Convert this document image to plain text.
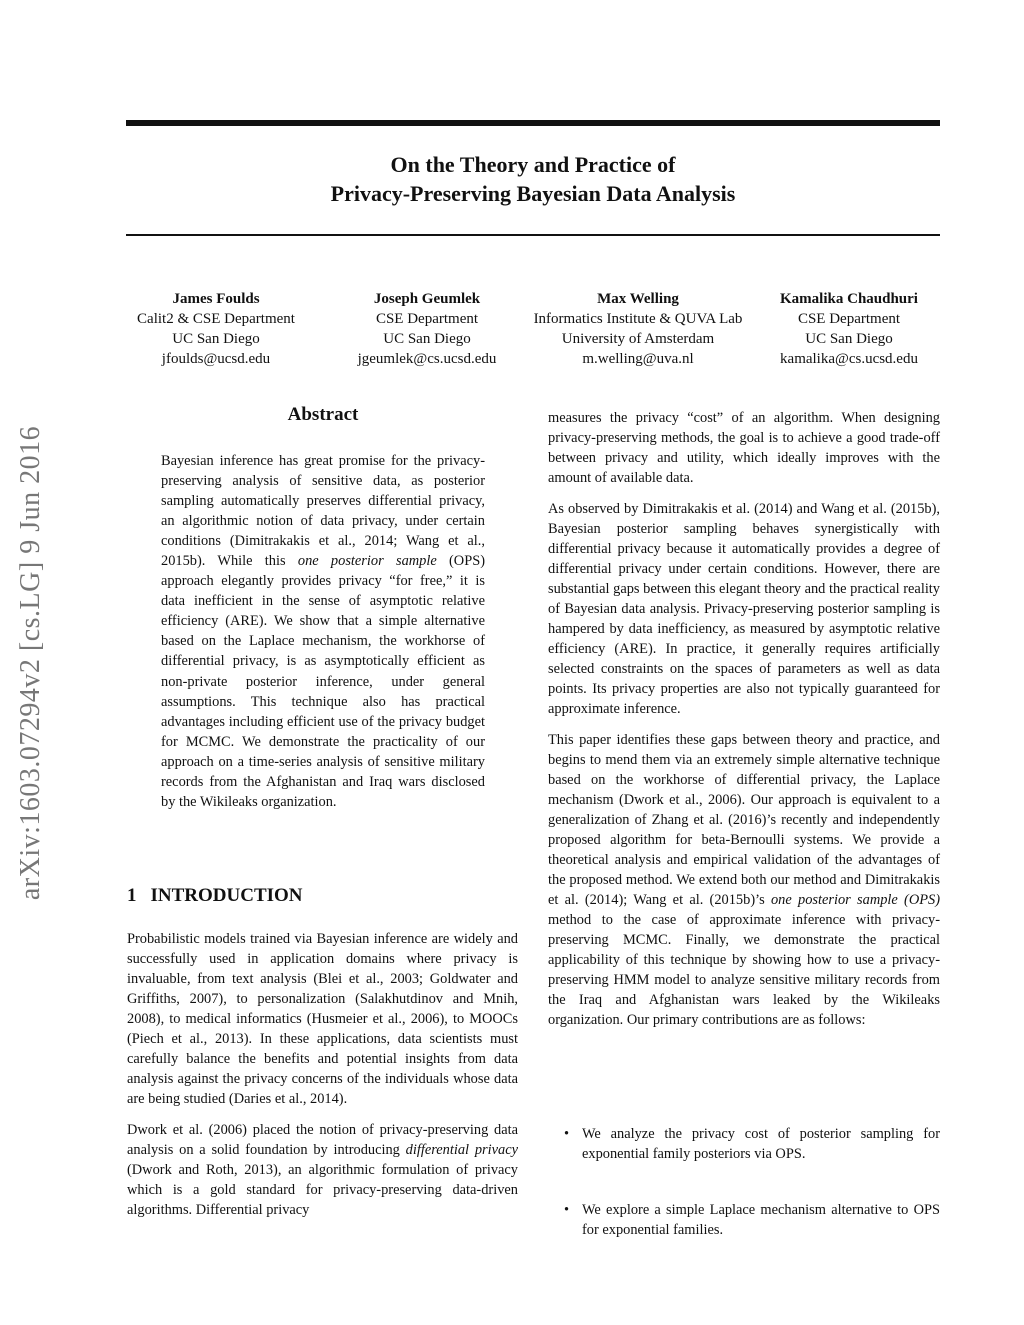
On the Theory and Practice of
Privacy-Preserving Bayesian Data Analysis
James Foulds
Calit2 & CSE Department
UC San Diego
jfoulds@ucsd.edu
Joseph Geumlek
CSE Department
UC San Diego
jgeumlek@cs.ucsd.edu
Max Welling
Informatics Institute & QUVA Lab
University of Amsterdam
m.welling@uva.nl
Kamalika Chaudhuri
CSE Department
UC San Diego
kamalika@cs.ucsd.edu
arXiv:1603.07294v2 [cs.LG] 9 Jun 2016
Abstract
Bayesian inference has great promise for the privacy-preserving analysis of sensitive data, as posterior sampling automatically preserves differential privacy, an algorithmic notion of data privacy, under certain conditions (Dimitrakakis et al., 2014; Wang et al., 2015b). While this one posterior sample (OPS) approach elegantly provides privacy “for free,” it is data inefficient in the sense of asymptotic relative efficiency (ARE). We show that a simple alternative based on the Laplace mechanism, the workhorse of differential privacy, is as asymptotically efficient as non-private posterior inference, under general assumptions. This technique also has practical advantages including efficient use of the privacy budget for MCMC. We demonstrate the practicality of our approach on a time-series analysis of sensitive military records from the Afghanistan and Iraq wars disclosed by the Wikileaks organization.
1 INTRODUCTION

Probabilistic models trained via Bayesian inference are widely and successfully used in application domains where privacy is invaluable, from text analysis (Blei et al., 2003; Goldwater and Griffiths, 2007), to personalization (Salakhutdinov and Mnih, 2008), to medical informatics (Husmeier et al., 2006), to MOOCs (Piech et al., 2013). In these applications, data scientists must carefully balance the benefits and potential insights from data analysis against the privacy concerns of the individuals whose data are being studied (Daries et al., 2014).

Dwork et al. (2006) placed the notion of privacy-preserving data analysis on a solid foundation by introducing differential privacy (Dwork and Roth, 2013), an algorithmic formulation of privacy which is a gold standard for privacy-preserving data-driven algorithms. Differential privacy

measures the privacy “cost” of an algorithm. When designing privacy-preserving methods, the goal is to achieve a good trade-off between privacy and utility, which ideally improves with the amount of available data.

As observed by Dimitrakakis et al. (2014) and Wang et al. (2015b), Bayesian posterior sampling behaves synergistically with differential privacy because it automatically provides a degree of differential privacy under certain conditions. However, there are substantial gaps between this elegant theory and the practical reality of Bayesian data analysis. Privacy-preserving posterior sampling is hampered by data inefficiency, as measured by asymptotic relative efficiency (ARE). In practice, it generally requires artificially selected constraints on the spaces of parameters as well as data points. Its privacy properties are also not typically guaranteed for approximate inference.

This paper identifies these gaps between theory and practice, and begins to mend them via an extremely simple alternative technique based on the workhorse of differential privacy, the Laplace mechanism (Dwork et al., 2006). Our approach is equivalent to a generalization of Zhang et al. (2016)’s recently and independently proposed algorithm for beta-Bernoulli systems. We provide a theoretical analysis and empirical validation of the advantages of the proposed method. We extend both our method and Dimitrakakis et al. (2014); Wang et al. (2015b)’s one posterior sample (OPS) method to the case of approximate inference with privacy-preserving MCMC. Finally, we demonstrate the practical applicability of this technique by showing how to use a privacy-preserving HMM model to analyze sensitive military records from the Iraq and Afghanistan wars leaked by the Wikileaks organization. Our primary contributions are as follows:

• We analyze the privacy cost of posterior sampling for exponential family posteriors via OPS.
• We explore a simple Laplace mechanism alternative to OPS for exponential families.
